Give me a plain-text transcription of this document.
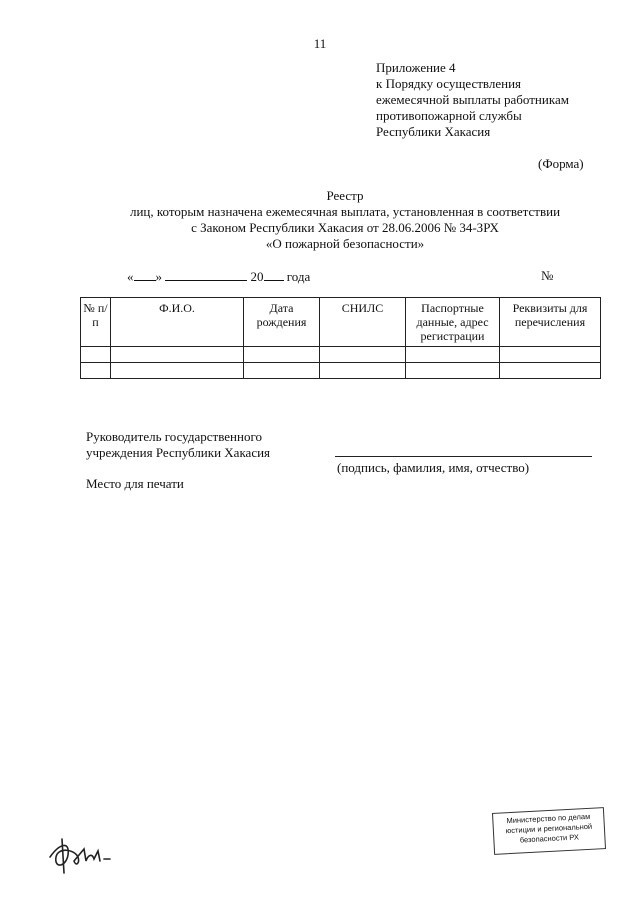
11
Приложение 4
к Порядку осуществления
ежемесячной выплаты работникам
противопожарной службы
Республики Хакасия
(Форма)
Реестр
лиц, которым назначена ежемесячная выплата, установленная в соответствии
с Законом Республики Хакасия от 28.06.2006 № 34-ЗРХ
«О пожарной безопасности»
« »	20 года	№
№ п/п	Ф.И.О.	Дата рождения	СНИЛС	Паспортные данные, адрес регистрации	Реквизиты для перечисления

Руководитель государственного
учреждения Республики Хакасия
(подпись, фамилия, имя, отчество)
Место для печати
Министерство по делам
юстиции и региональной
безопасности РХ
